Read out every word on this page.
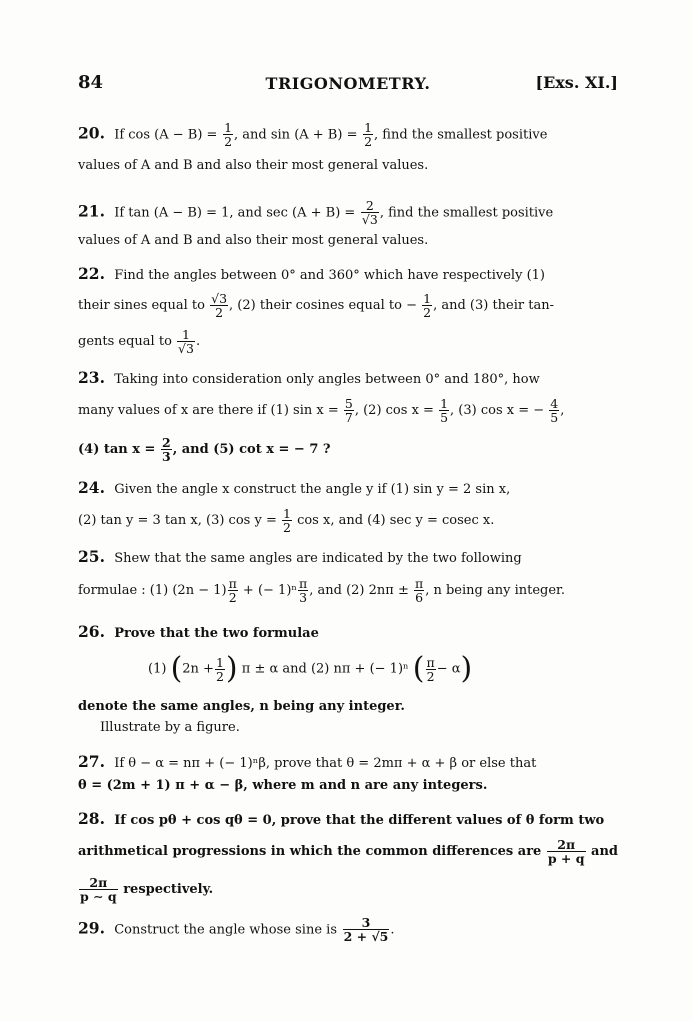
84	TRIGONOMETRY.	[Exs. XI.]
20. If $\cos (A - B) = \frac{1}{2}$ , and $\sin (A + B) = \frac{1}{2}$ , find the smallest positive
values of A and B and also their most general values.
21. If tan (A − B) = 1, and $\sec (A + B) = \frac{2}{√3}$ , find the smallest positive
values of A and B and also their most general values.
22. Find the angles between 0° and 360° which have respectively (1)
their sines equal to $\frac{√3}{2}$ , (2) their cosines equal to − $\frac{1}{2}$ , and (3) their tan-
gents equal to $\frac{1}{√3}$ .
23. Taking into consideration only angles between 0° and 180°, how
many values of x are there if (1) $\sin x = \frac{5}{7}$ , (2) $\cos x = \frac{1}{5}$ , (3) cos x = − $\frac{4}{5}$ ,
(4) $\tan x = \frac{2}{3}$ , and (5) cot x = − 7 ?
24. Given the angle x construct the angle y if (1) sin y = 2 sin x,
(2) tan y = 3 tan x, (3) $\cos y = \frac{1}{2}$ cos x, and (4) sec y = cosec x.
25. Shew that the same angles are indicated by the two following
formulae : (1) $(2n - 1) \frac{\pi}{2}$ + (− $1)^n \frac{\pi}{3}$ , and (2) $2n\pi \pm \frac{\pi}{6}$ , n being any integer.
26. Prove that the two formulae
(1) ($2n + \frac{1}{2}$ ) π ± α and (2) nπ + (− 1)ⁿ ( $\frac{\pi}{2} - \alpha$)
denote the same angles, n being any integer.
Illustrate by a figure.
27. If θ − α = nπ + (− 1)ⁿβ, prove that θ = 2mπ + α + β or else that
θ = (2m + 1) π + α − β, where m and n are any integers.
28. If cos pθ + cos qθ = 0, prove that the different values of θ form two
arithmetical progressions in which the common differences are $\frac{2\pi}{p + q}$ and
$\frac{2\pi}{p \sim q}$ respectively.
29. Construct the angle whose sine is $\frac{3}{2 + √5}$ .
